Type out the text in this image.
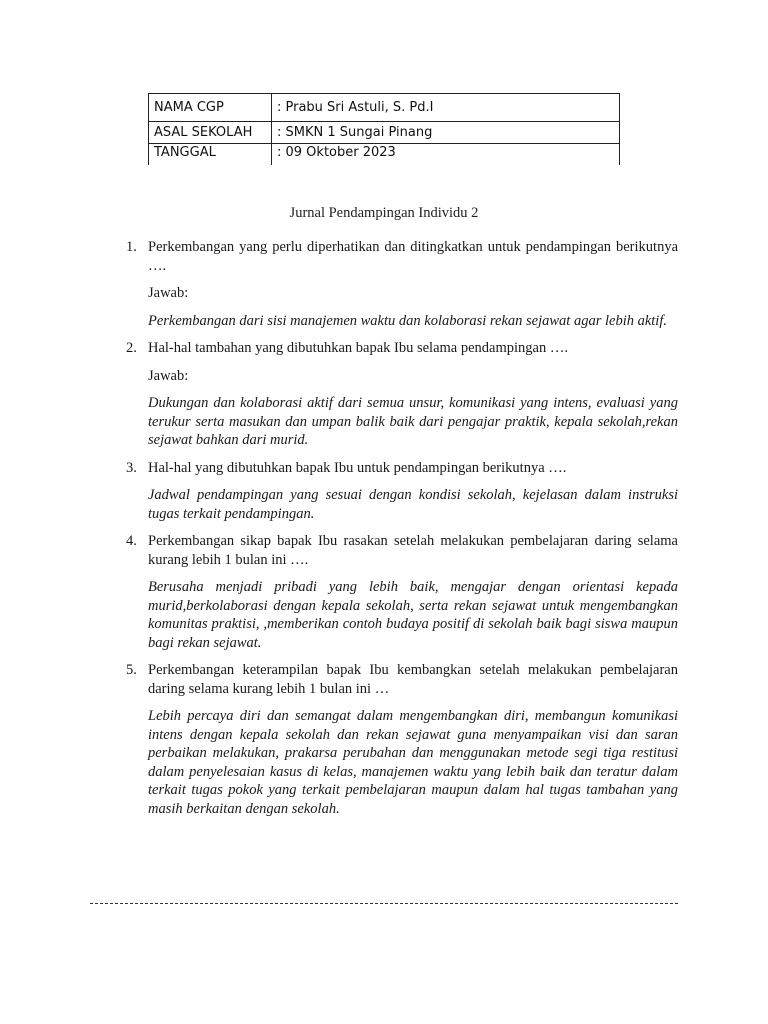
NAMA CGP	: Prabu Sri Astuli, S. Pd.I
ASAL SEKOLAH	: SMKN 1 Sungai Pinang
TANGGAL	: 09 Oktober 2023
Jurnal Pendampingan Individu 2
1. Perkembangan yang perlu diperhatikan dan ditingkatkan untuk pendampingan berikutnya ….
Jawab:
Perkembangan dari sisi manajemen waktu dan kolaborasi rekan sejawat agar lebih aktif.
2. Hal-hal tambahan yang dibutuhkan bapak Ibu selama pendampingan ….
Jawab:
Dukungan dan kolaborasi aktif dari semua unsur, komunikasi yang intens, evaluasi yang terukur serta masukan dan umpan balik baik dari pengajar praktik, kepala sekolah,rekan sejawat bahkan dari murid.
3. Hal-hal yang dibutuhkan bapak Ibu untuk pendampingan berikutnya ….
Jadwal pendampingan yang sesuai dengan kondisi sekolah, kejelasan dalam instruksi tugas terkait pendampingan.
4. Perkembangan sikap bapak Ibu rasakan setelah melakukan pembelajaran daring selama kurang lebih 1 bulan ini ….
Berusaha menjadi pribadi yang lebih baik, mengajar dengan orientasi kepada murid,berkolaborasi dengan kepala sekolah, serta rekan sejawat untuk mengembangkan komunitas praktisi, ,memberikan contoh budaya positif di sekolah baik bagi siswa maupun bagi rekan sejawat.
5. Perkembangan keterampilan bapak Ibu kembangkan setelah melakukan pembelajaran daring selama kurang lebih 1 bulan ini …
Lebih percaya diri dan semangat dalam mengembangkan diri, membangun komunikasi intens dengan kepala sekolah dan rekan sejawat guna menyampaikan visi dan saran perbaikan melakukan, prakarsa perubahan dan menggunakan metode segi tiga restitusi dalam penyelesaian kasus di kelas, manajemen waktu yang lebih baik dan teratur dalam terkait tugas pokok yang terkait pembelajaran maupun dalam hal tugas tambahan yang masih berkaitan dengan sekolah.
